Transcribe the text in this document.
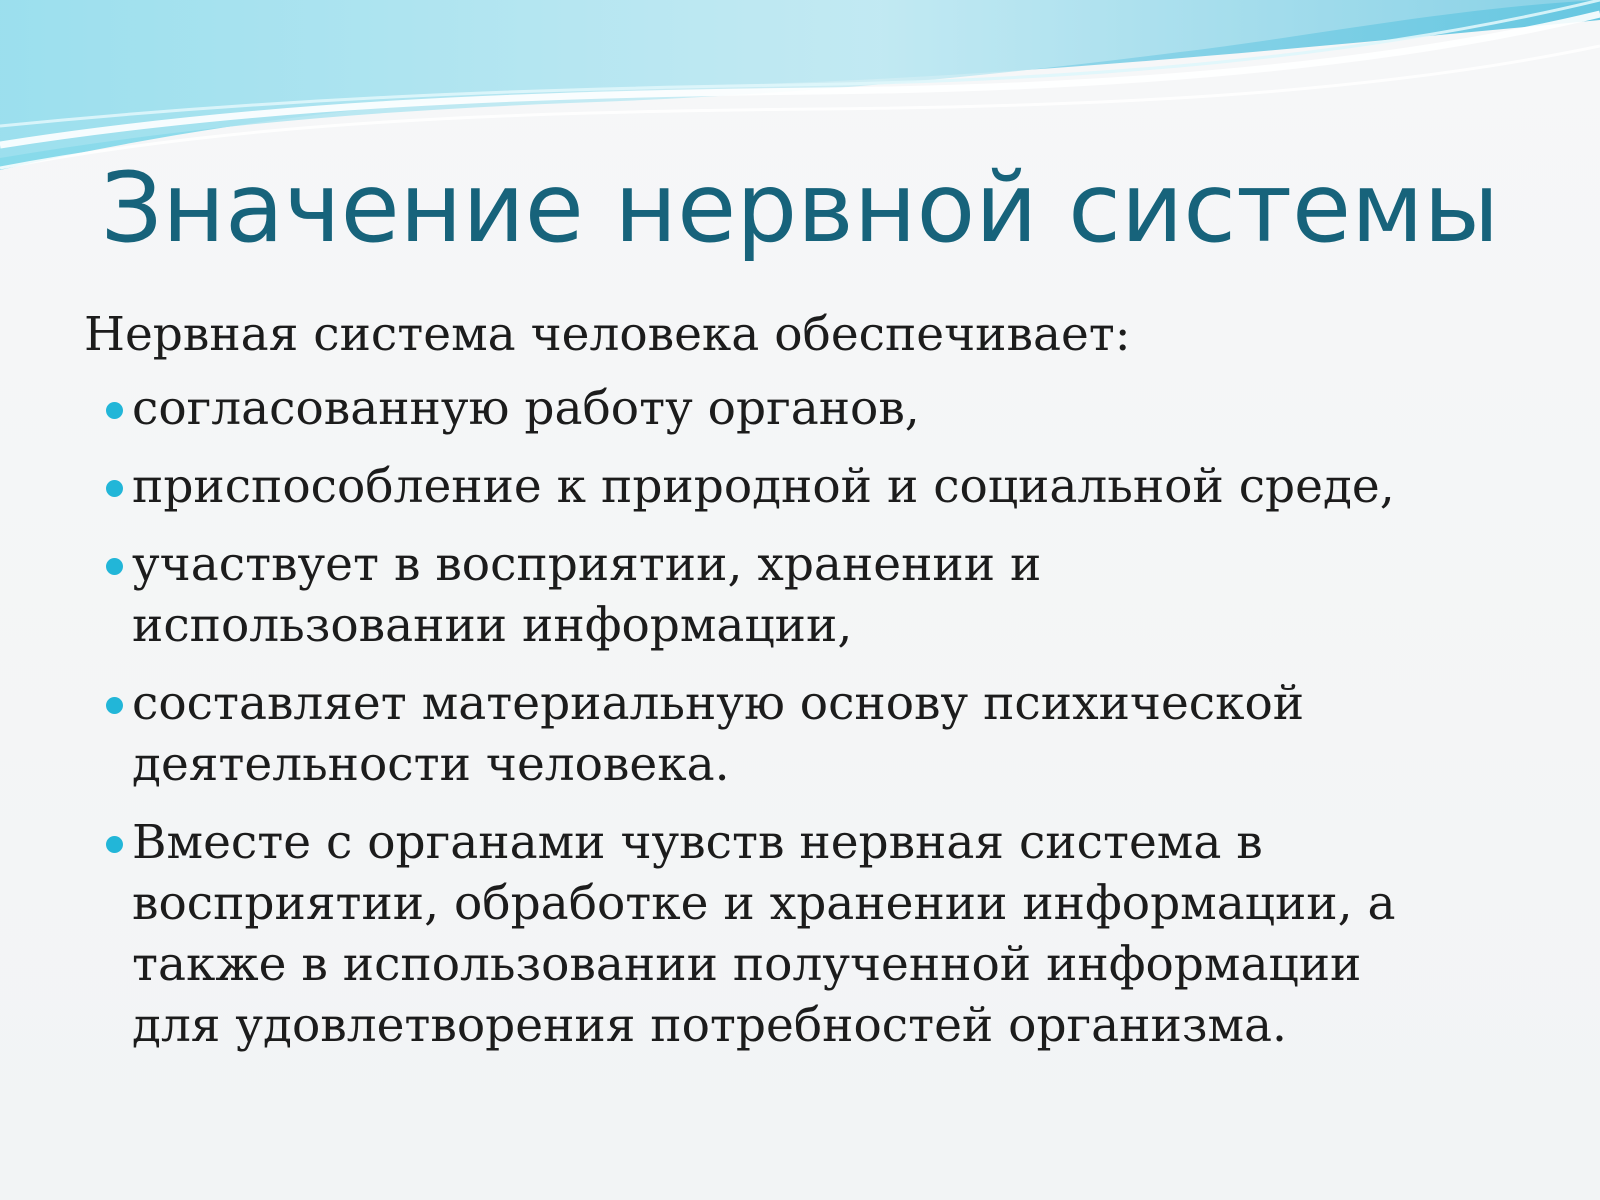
Значение нервной системы
Нервная система человека обеспечивает:
согласованную работу органов,
приспособление к природной и социальной среде,
участвует в восприятии, хранении и
использовании информации,
составляет материальную основу психической
деятельности человека.
Вместе с органами чувств нервная система в
восприятии, обработке и хранении информации, а
также в использовании полученной информации
для удовлетворения потребностей организма.
